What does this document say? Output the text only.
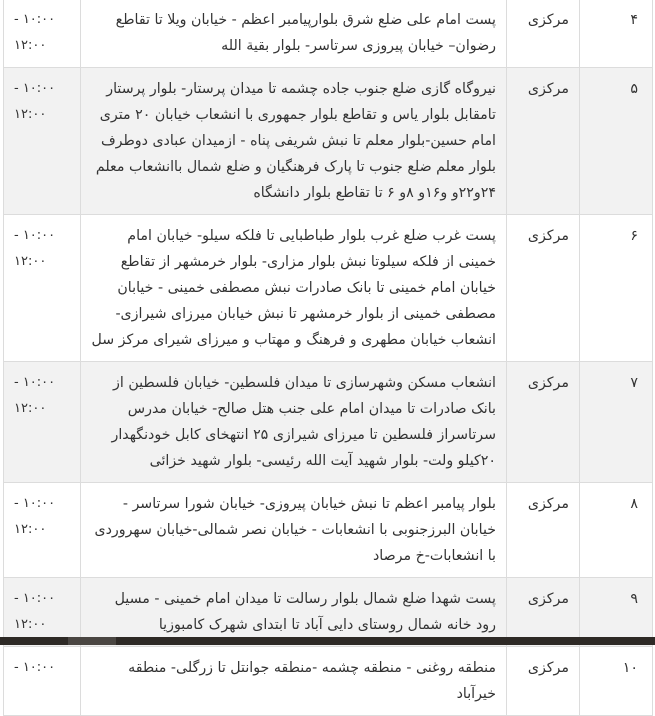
۴	مرکزی	پست امام علی ضلع شرق بلوارپیامبر اعظم - خیابان ویلا تا تقاطع رضوان– خیابان پیروزی سرتاسر- بلوار بقیة الله	- ۱۰:۰۰
۱۲:۰۰

۵	مرکزی	نیروگاه گازی ضلع جنوب جاده چشمه تا میدان پرستار- بلوار پرستار تامقابل بلوار یاس و تقاطع بلوار جمهوری با انشعاب خیابان ۲۰ متری امام حسین-بلوار معلم تا نبش شریفی پناه - ازمیدان عبادی دوطرف بلوار معلم ضلع جنوب تا پارک فرهنگیان و ضلع شمال باانشعاب معلم ۲۴و۲۲و و۱۶و ۸و ۶ تا تقاطع بلوار دانشگاه	- ۱۰:۰۰
۱۲:۰۰

۶	مرکزی	پست غرب ضلع غرب بلوار طباطبایی تا فلکه سیلو- خیابان امام خمینی از فلکه سیلوتا نبش بلوار مزاری- بلوار خرمشهر از تقاطع خیابان امام خمینی تا بانک صادرات نبش مصطفی خمینی - خیابان مصطفی خمینی از بلوار خرمشهر تا نبش خیابان میرزای شیرازی-انشعاب خیابان مطهری و فرهنگ و مهتاب و میرزای شیرای مرکز سل	- ۱۰:۰۰
۱۲:۰۰

۷	مرکزی	انشعاب مسکن وشهرسازی تا میدان فلسطین- خیابان فلسطین از بانک صادرات تا میدان امام علی جنب هتل صالح- خیابان مدرس سرتاسراز فلسطین تا میرزای شیرازی ۲۵ انتهخای کابل خودنگهدار ۲۰کیلو ولت- بلوار شهید آیت الله رئیسی- بلوار شهید خزائی	- ۱۰:۰۰
۱۲:۰۰

۸	مرکزی	بلوار پیامبر اعظم تا نبش خیابان پیروزی- خیابان شورا سرتاسر - خیابان البرزجنوبی با انشعابات - خیابان نصر شمالی-خیابان سهروردی با انشعابات-خ مرصاد	- ۱۰:۰۰
۱۲:۰۰

۹	مرکزی	پست شهدا ضلع شمال بلوار رسالت تا میدان امام خمینی - مسیل رود خانه شمال روستای دایی آباد تا ابتدای شهرک کامبوزیا	- ۱۰:۰۰
۱۲:۰۰

۱۰	مرکزی	منطقه روغنی - منطقه چشمه -منطقه جوانتل تا زرگلی- منطقه خیرآباد	- ۱۰:۰۰
